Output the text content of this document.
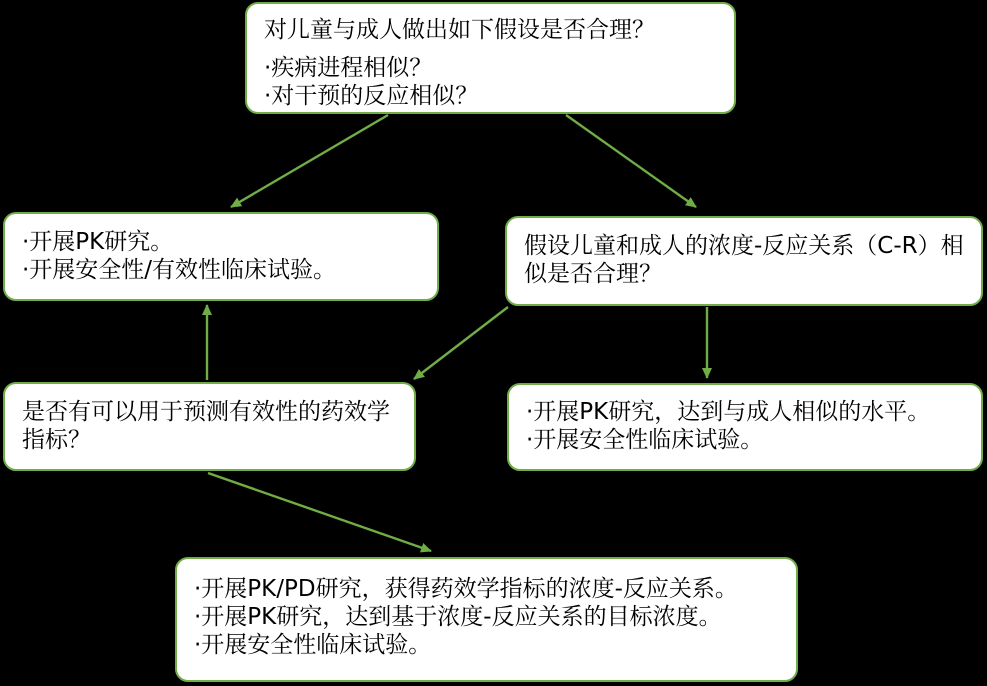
对儿童与成人做出如下假设是否合理？
·疾病进程相似？
·对干预的反应相似？
·开展PK研究。
·开展安全性/有效性临床试验。
假设儿童和成人的浓度-反应关系（C-R）相似是否合理？
是否有可以用于预测有效性的药效学指标？
·开展PK研究，达到与成人相似的水平。
·开展安全性临床试验。
·开展PK/PD研究，获得药效学指标的浓度-反应关系。
·开展PK研究，达到基于浓度-反应关系的目标浓度。
·开展安全性临床试验。
